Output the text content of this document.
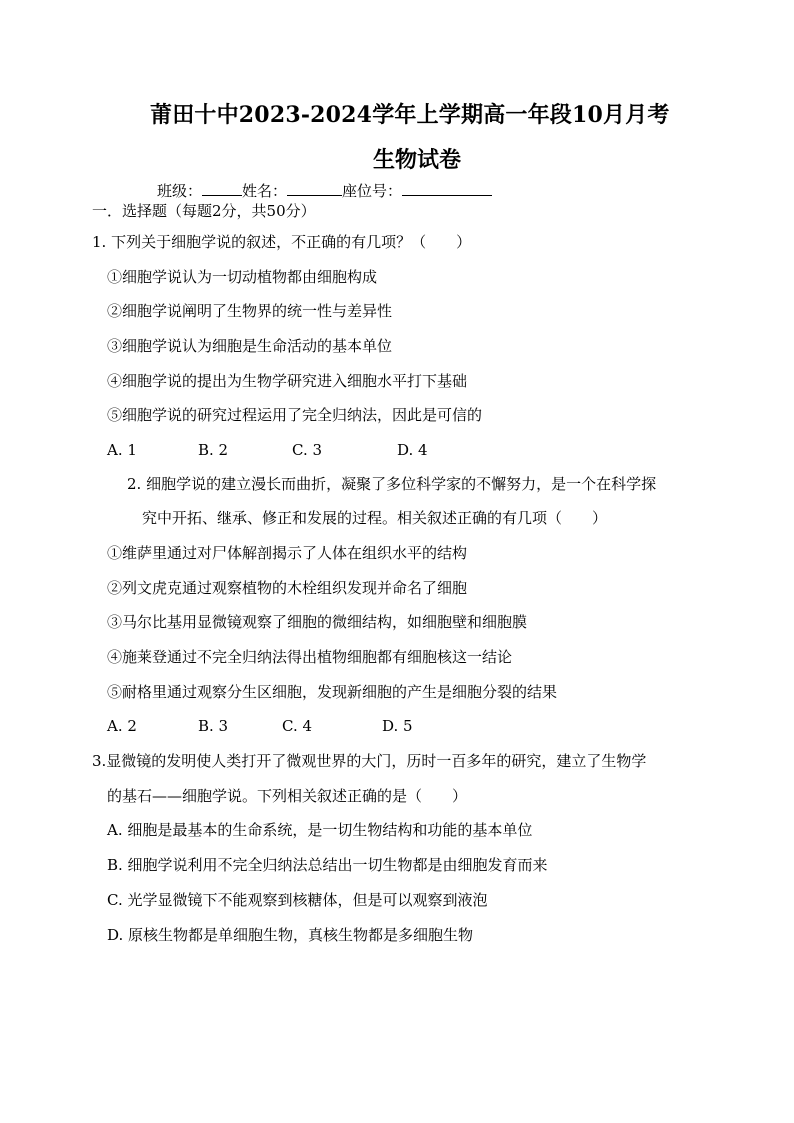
莆田十中2023-2024学年上学期高一年段10月月考
生物试卷
班级：	姓名：	座位号：
一．选择题（每题2分，共50分）
1. 下列关于细胞学说的叙述，不正确的有几项？（　　）
①细胞学说认为一切动植物都由细胞构成
②细胞学说阐明了生物界的统一性与差异性
③细胞学说认为细胞是生命活动的基本单位
④细胞学说的提出为生物学研究进入细胞水平打下基础
⑤细胞学说的研究过程运用了完全归纳法，因此是可信的
A. 1	B. 2	C. 3	D. 4
2. 细胞学说的建立漫长而曲折，凝聚了多位科学家的不懈努力，是一个在科学探
究中开拓、继承、修正和发展的过程。相关叙述正确的有几项（　　）
①维萨里通过对尸体解剖揭示了人体在组织水平的结构
②列文虎克通过观察植物的木栓组织发现并命名了细胞
③马尔比基用显微镜观察了细胞的微细结构，如细胞壁和细胞膜
④施莱登通过不完全归纳法得出植物细胞都有细胞核这一结论
⑤耐格里通过观察分生区细胞，发现新细胞的产生是细胞分裂的结果
A. 2	B. 3	C. 4	D. 5
3.显微镜的发明使人类打开了微观世界的大门，历时一百多年的研究，建立了生物学
的基石——细胞学说。下列相关叙述正确的是（　　）
A. 细胞是最基本的生命系统，是一切生物结构和功能的基本单位
B. 细胞学说利用不完全归纳法总结出一切生物都是由细胞发育而来
C. 光学显微镜下不能观察到核糖体，但是可以观察到液泡
D. 原核生物都是单细胞生物，真核生物都是多细胞生物
